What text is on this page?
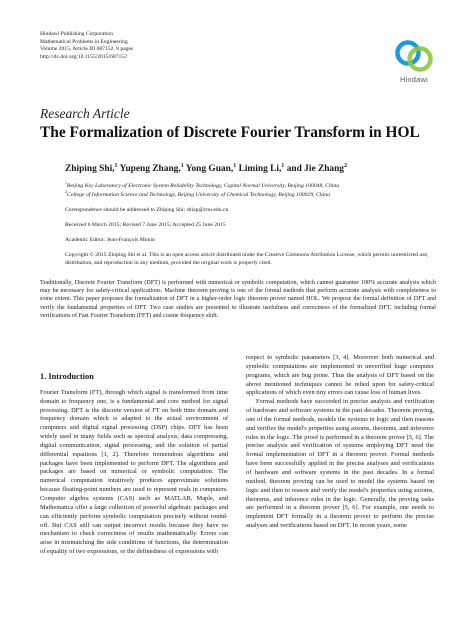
Hindawi Publishing Corporation
Mathematical Problems in Engineering
Volume 2015, Article ID 687152, 8 pages
http://dx.doi.org/10.1155/2015/687152
Hindawi
Research Article
The Formalization of Discrete Fourier Transform in HOL
Zhiping Shi,$^1$ Yupeng Zhang,$^1$ Yong Guan,$^1$ Liming Li,$^1$ and Jie Zhang$^2$
$^1$Beijing Key Laboratory of Electronic System Reliability Technology, Capital Normal University, Beijing 100048, China
$^2$College of Information Science and Technology, Beijing University of Chemical Technology, Beijing 100029, China
Correspondence should be addressed to Zhiping Shi; shizp@cnu.edu.cn
Received 6 March 2015; Revised 7 June 2015; Accepted 25 June 2015
Academic Editor: Jean-François Monin
Copyright © 2015 Zhiping Shi et al. This is an open access article distributed under the Creative Commons Attribution License, which permits unrestricted use, distribution, and reproduction in any medium, provided the original work is properly cited.
Traditionally, Discrete Fourier Transform (DFT) is performed with numerical or symbolic computation, which cannot guarantee 100% accurate analysis which may be necessary for safety-critical applications. Machine theorem proving is one of the formal methods that perform accurate analysis with completeness to some extent. This paper proposes the formalization of DFT in a higher-order logic theorem prover named HOL. We propose the formal definition of DFT and verify the fundamental properties of DFT. Two case studies are presented to illustrate usefulness and correctness of the formalized DFT, including formal verifications of Fast Fourier Transform (FFT) and cosine frequency shift.
1. Introduction

Fourier Transform (FT), through which signal is transformed from time domain to frequency one, is a fundamental and core method for signal processing. DFT is the discrete version of FT on both time domain and frequency domain which is adapted to the actual environment of computers and digital signal processing (DSP) chips. DFT has been widely used in many fields such as spectral analysis, data compressing, digital communication, signal processing, and the solution of partial differential equations [1, 2]. Therefore tremendous algorithms and packages have been implemented to perform DFT. The algorithms and packages are based on numerical or symbolic computation. The numerical computation intuitively produces approximate solutions because floating-point numbers are used to represent reals in computers. Computer algebra systems (CAS) such as MATLAB, Maple, and Mathematica offer a large collection of powerful algebraic packages and can efficiently perform symbolic computation precisely without round-off. But CAS still can output incorrect results because they have no mechanism to check correctness of results mathematically. Errors can arise in mismatching the side conditions of functions, the determination of equality of two expressions, or the definedness of expressions with

respect to symbolic parameters [3, 4]. Moreover both numerical and symbolic computations are implemented in unverified huge computer programs, which are bug prone. Thus the analysis of DFT based on the above mentioned techniques cannot be relied upon for safety-critical applications of which even tiny errors can cause loss of human lives.

Formal methods have succeeded in precise analysis and verification of hardware and software systems in the past decades. Theorem proving, one of the formal methods, models the systems in logic and then reasons and verifies the model's properties using axioms, theorems, and inference rules in the logic. The proof is performed in a theorem prover [5, 6]. The precise analysis and verification of systems employing DFT need the formal implementation of DFT in a theorem prover. Formal methods have been successfully applied in the precise analyses and verifications of hardware and software systems in the past decades. In a formal method, theorem proving can be used to model the systems based on logic and then to reason and verify the model's properties using axioms, theorems, and inference rules in the logic. Generally, the proving tasks are performed in a theorem prover [5, 6]. For example, one needs to implement DFT formally in a theorem prover to perform the precise analyses and verifications based on DFT. In recent years, some
